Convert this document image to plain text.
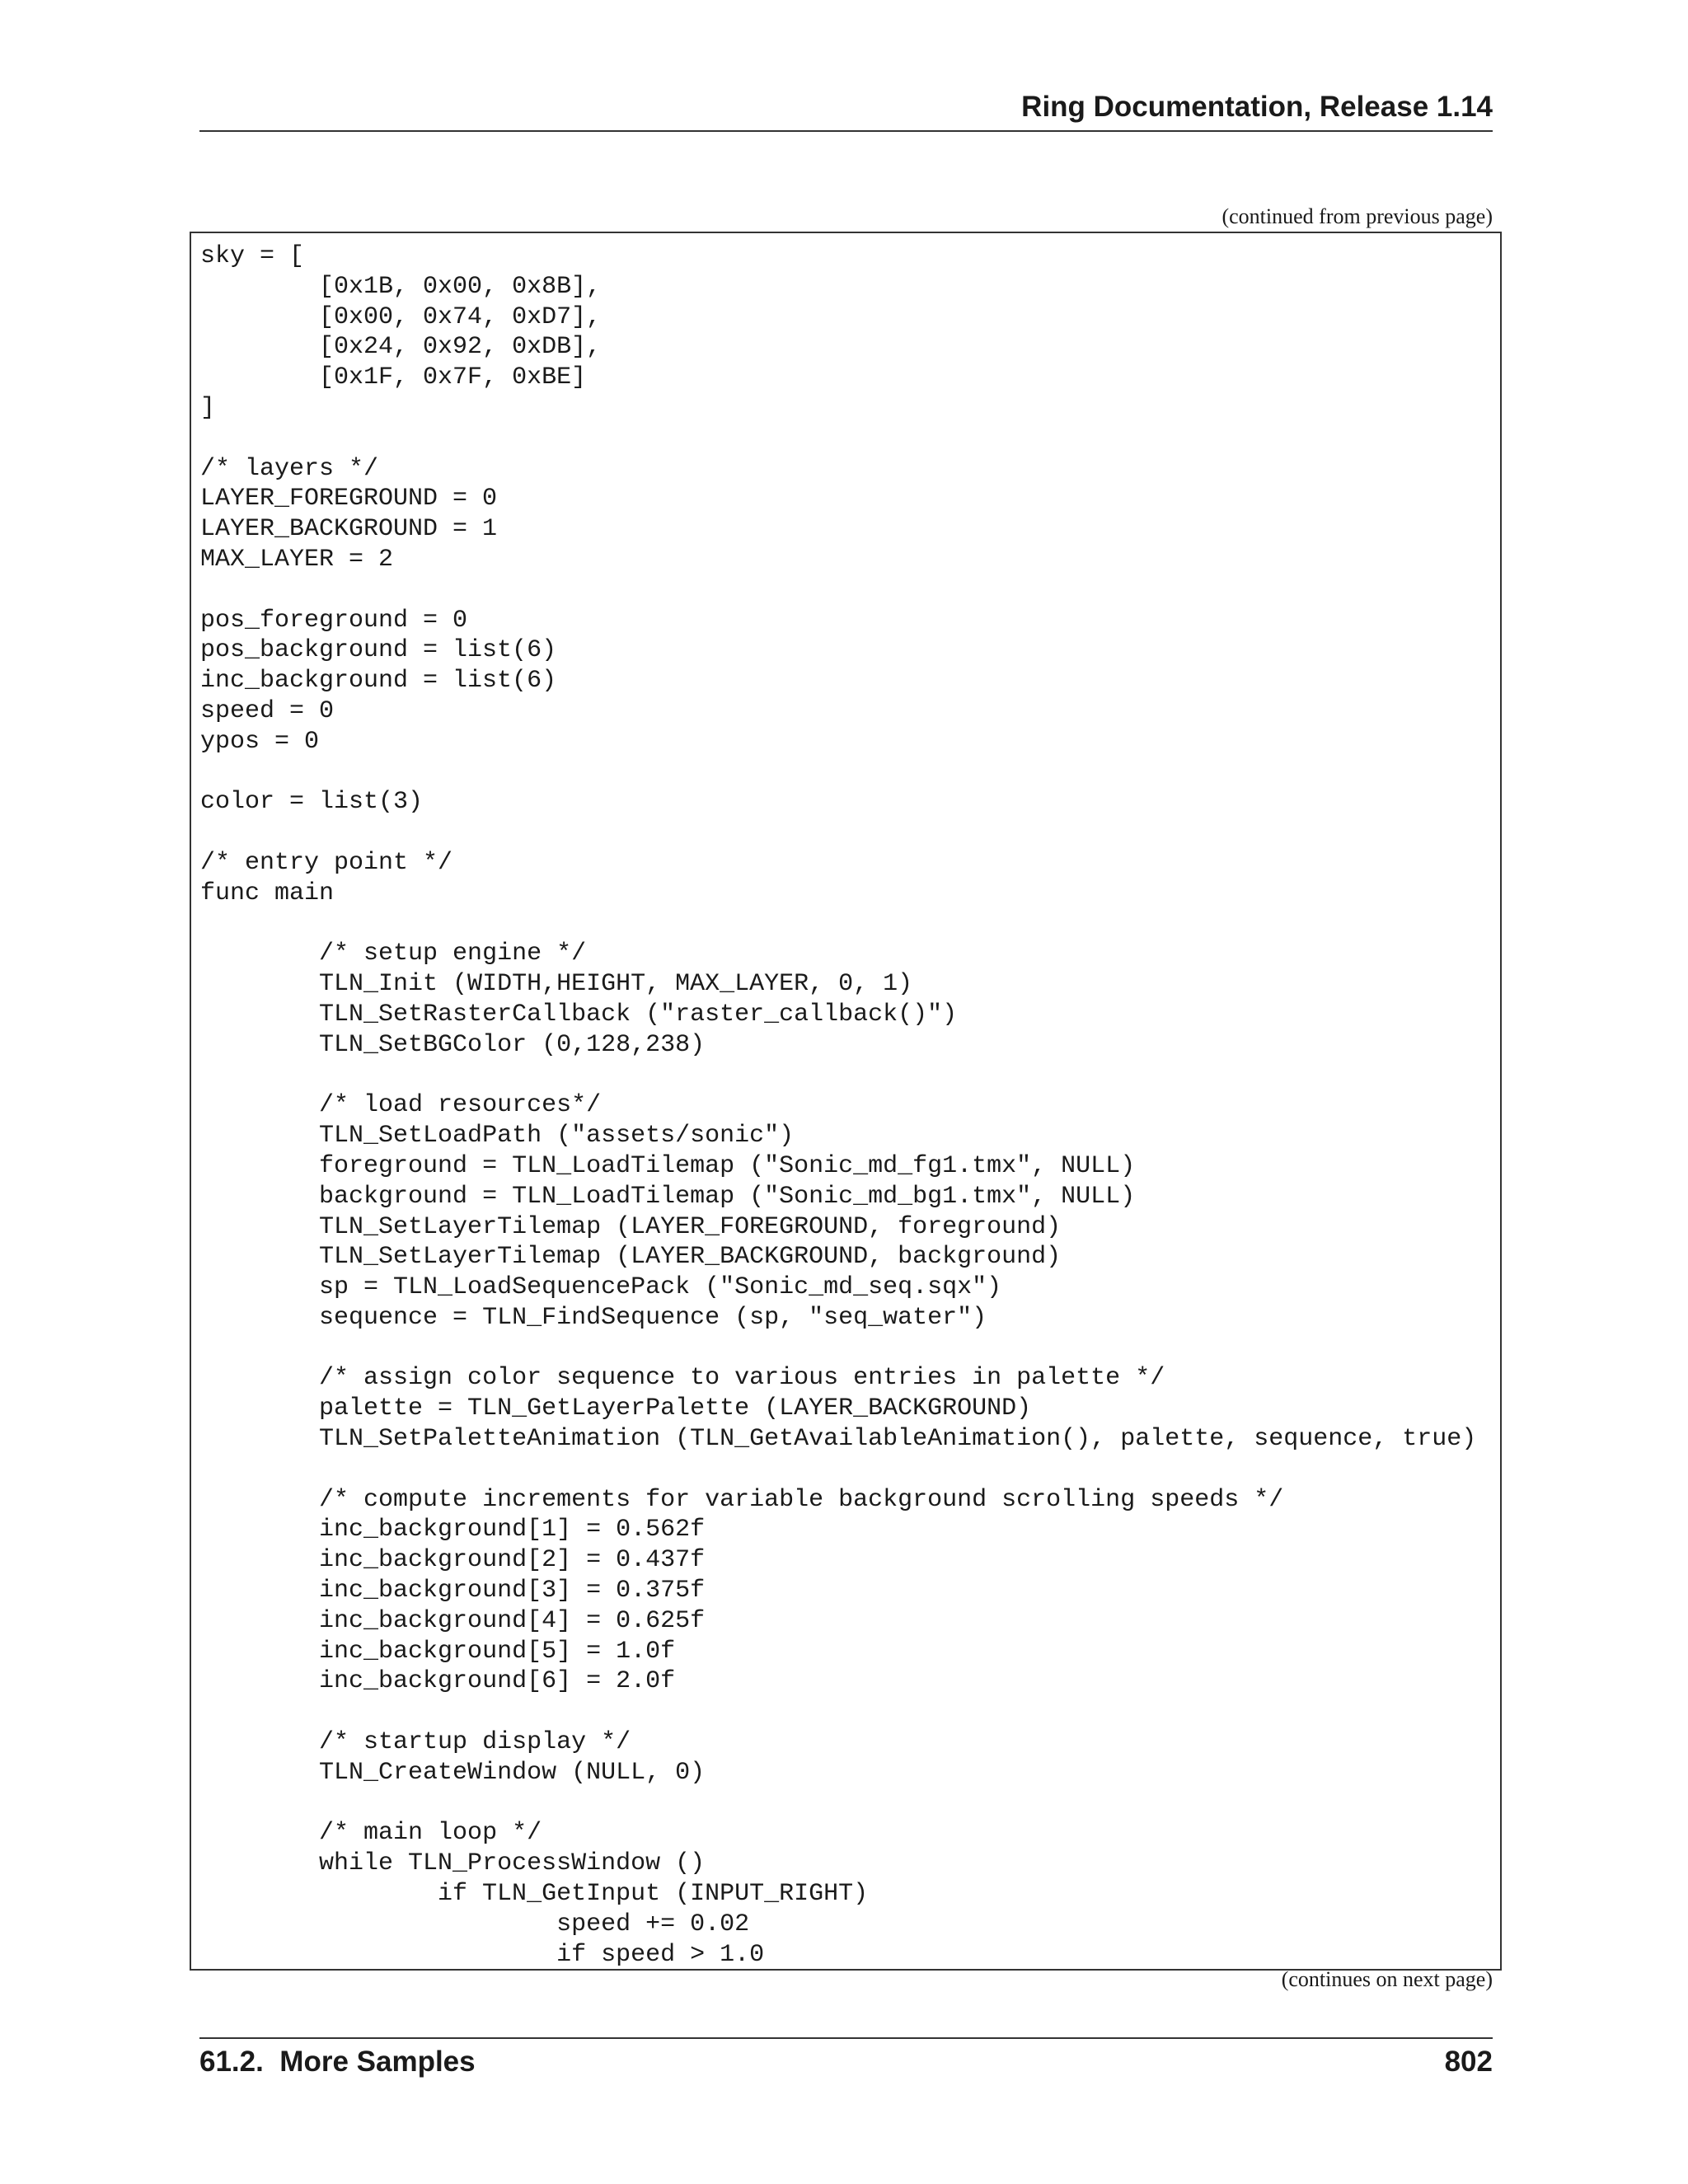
Ring Documentation, Release 1.14
(continued from previous page)
sky = [
	[0x1B, 0x00, 0x8B],
	[0x00, 0x74, 0xD7],
	[0x24, 0x92, 0xDB],
	[0x1F, 0x7F, 0xBE]
]

/* layers */
LAYER_FOREGROUND = 0
LAYER_BACKGROUND = 1
MAX_LAYER = 2

pos_foreground = 0
pos_background = list(6)
inc_background = list(6)
speed = 0
ypos = 0

color = list(3)

/* entry point */
func main

	/* setup engine */
	TLN_Init (WIDTH,HEIGHT, MAX_LAYER, 0, 1)
	TLN_SetRasterCallback ("raster_callback()")
	TLN_SetBGColor (0,128,238)

	/* load resources*/
	TLN_SetLoadPath ("assets/sonic")
	foreground = TLN_LoadTilemap ("Sonic_md_fg1.tmx", NULL)
	background = TLN_LoadTilemap ("Sonic_md_bg1.tmx", NULL)
	TLN_SetLayerTilemap (LAYER_FOREGROUND, foreground)
	TLN_SetLayerTilemap (LAYER_BACKGROUND, background)
	sp = TLN_LoadSequencePack ("Sonic_md_seq.sqx")
	sequence = TLN_FindSequence (sp, "seq_water")

	/* assign color sequence to various entries in palette */
	palette = TLN_GetLayerPalette (LAYER_BACKGROUND)
	TLN_SetPaletteAnimation (TLN_GetAvailableAnimation(), palette, sequence, true)

	/* compute increments for variable background scrolling speeds */
	inc_background[1] = 0.562f
	inc_background[2] = 0.437f
	inc_background[3] = 0.375f
	inc_background[4] = 0.625f
	inc_background[5] = 1.0f
	inc_background[6] = 2.0f

	/* startup display */
	TLN_CreateWindow (NULL, 0)

	/* main loop */
	while TLN_ProcessWindow ()
		if TLN_GetInput (INPUT_RIGHT)
			speed += 0.02
			if speed > 1.0
(continues on next page)
61.2.  More Samples	802
